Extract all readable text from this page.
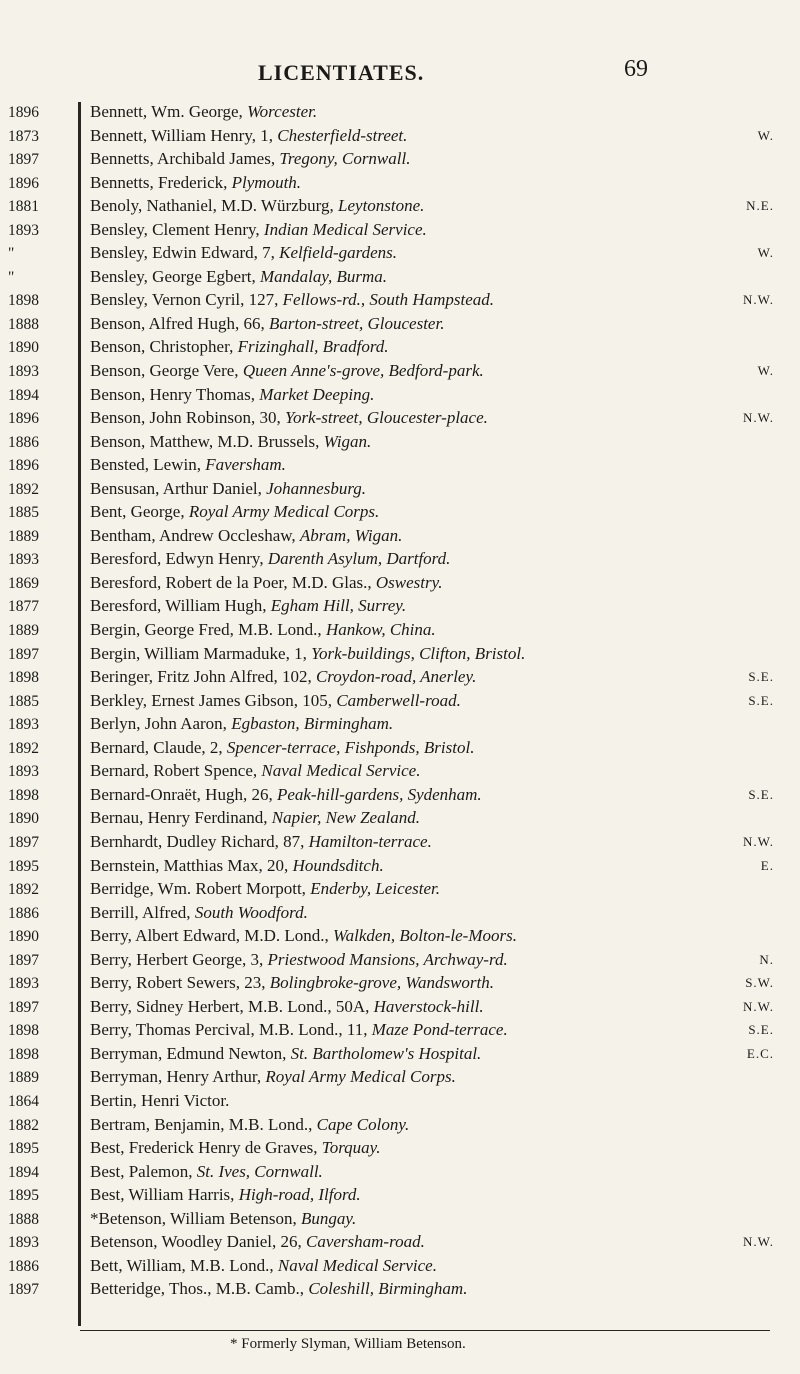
LICENTIATES.	69
1896	Bennett, Wm. George, Worcester.
1873	Bennett, William Henry, 1, Chesterfield-street.	W.
1897	Bennetts, Archibald James, Tregony, Cornwall.
1896	Bennetts, Frederick, Plymouth.
1881	Benoly, Nathaniel, M.D. Würzburg, Leytonstone.	N.E.
1893	Bensley, Clement Henry, Indian Medical Service.
"	Bensley, Edwin Edward, 7, Kelfield-gardens.	W.
"	Bensley, George Egbert, Mandalay, Burma.
1898	Bensley, Vernon Cyril, 127, Fellows-rd., South Hampstead.	N.W.
1888	Benson, Alfred Hugh, 66, Barton-street, Gloucester.
1890	Benson, Christopher, Frizinghall, Bradford.
1893	Benson, George Vere, Queen Anne's-grove, Bedford-park.	W.
1894	Benson, Henry Thomas, Market Deeping.
1896	Benson, John Robinson, 30, York-street, Gloucester-place.	N.W.
1886	Benson, Matthew, M.D. Brussels, Wigan.
1896	Bensted, Lewin, Faversham.
1892	Bensusan, Arthur Daniel, Johannesburg.
1885	Bent, George, Royal Army Medical Corps.
1889	Bentham, Andrew Occleshaw, Abram, Wigan.
1893	Beresford, Edwyn Henry, Darenth Asylum, Dartford.
1869	Beresford, Robert de la Poer, M.D. Glas., Oswestry.
1877	Beresford, William Hugh, Egham Hill, Surrey.
1889	Bergin, George Fred, M.B. Lond., Hankow, China.
1897	Bergin, William Marmaduke, 1, York-buildings, Clifton, Bristol.
1898	Beringer, Fritz John Alfred, 102, Croydon-road, Anerley.	S.E.
1885	Berkley, Ernest James Gibson, 105, Camberwell-road.	S.E.
1893	Berlyn, John Aaron, Egbaston, Birmingham.
1892	Bernard, Claude, 2, Spencer-terrace, Fishponds, Bristol.
1893	Bernard, Robert Spence, Naval Medical Service.
1898	Bernard-Onraët, Hugh, 26, Peak-hill-gardens, Sydenham.	S.E.
1890	Bernau, Henry Ferdinand, Napier, New Zealand.
1897	Bernhardt, Dudley Richard, 87, Hamilton-terrace.	N.W.
1895	Bernstein, Matthias Max, 20, Houndsditch.	E.
1892	Berridge, Wm. Robert Morpott, Enderby, Leicester.
1886	Berrill, Alfred, South Woodford.
1890	Berry, Albert Edward, M.D. Lond., Walkden, Bolton-le-Moors.
1897	Berry, Herbert George, 3, Priestwood Mansions, Archway-rd.	N.
1893	Berry, Robert Sewers, 23, Bolingbroke-grove, Wandsworth.	S.W.
1897	Berry, Sidney Herbert, M.B. Lond., 50A, Haverstock-hill.	N.W.
1898	Berry, Thomas Percival, M.B. Lond., 11, Maze Pond-terrace.	S.E.
1898	Berryman, Edmund Newton, St. Bartholomew's Hospital.	E.C.
1889	Berryman, Henry Arthur, Royal Army Medical Corps.
1864	Bertin, Henri Victor.
1882	Bertram, Benjamin, M.B. Lond., Cape Colony.
1895	Best, Frederick Henry de Graves, Torquay.
1894	Best, Palemon, St. Ives, Cornwall.
1895	Best, William Harris, High-road, Ilford.
1888	*Betenson, William Betenson, Bungay.
1893	Betenson, Woodley Daniel, 26, Caversham-road.	N.W.
1886	Bett, William, M.B. Lond., Naval Medical Service.
1897	Betteridge, Thos., M.B. Camb., Coleshill, Birmingham.
* Formerly Slyman, William Betenson.
